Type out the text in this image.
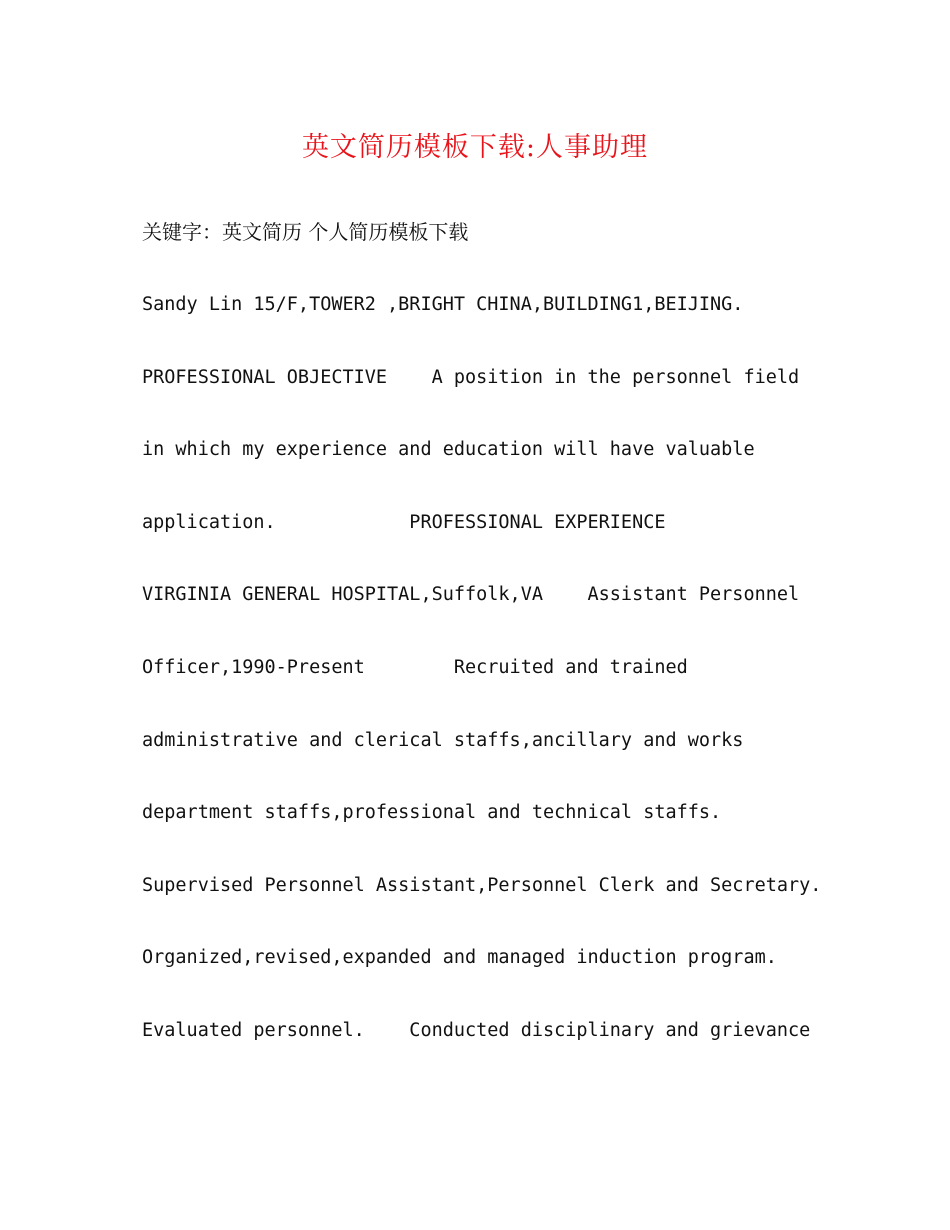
英文简历模板下载:人事助理
关键字：英文简历 个人简历模板下载
Sandy Lin 15/F,TOWER2 ,BRIGHT CHINA,BUILDING1,BEIJING.
PROFESSIONAL OBJECTIVE    A position in the personnel field
in which my experience and education will have valuable
application.            PROFESSIONAL EXPERIENCE
VIRGINIA GENERAL HOSPITAL,Suffolk,VA    Assistant Personnel
Officer,1990-Present        Recruited and trained
administrative and clerical staffs,ancillary and works
department staffs,professional and technical staffs.
Supervised Personnel Assistant,Personnel Clerk and Secretary.
Organized,revised,expanded and managed induction program.
Evaluated personnel.    Conducted disciplinary and grievance
